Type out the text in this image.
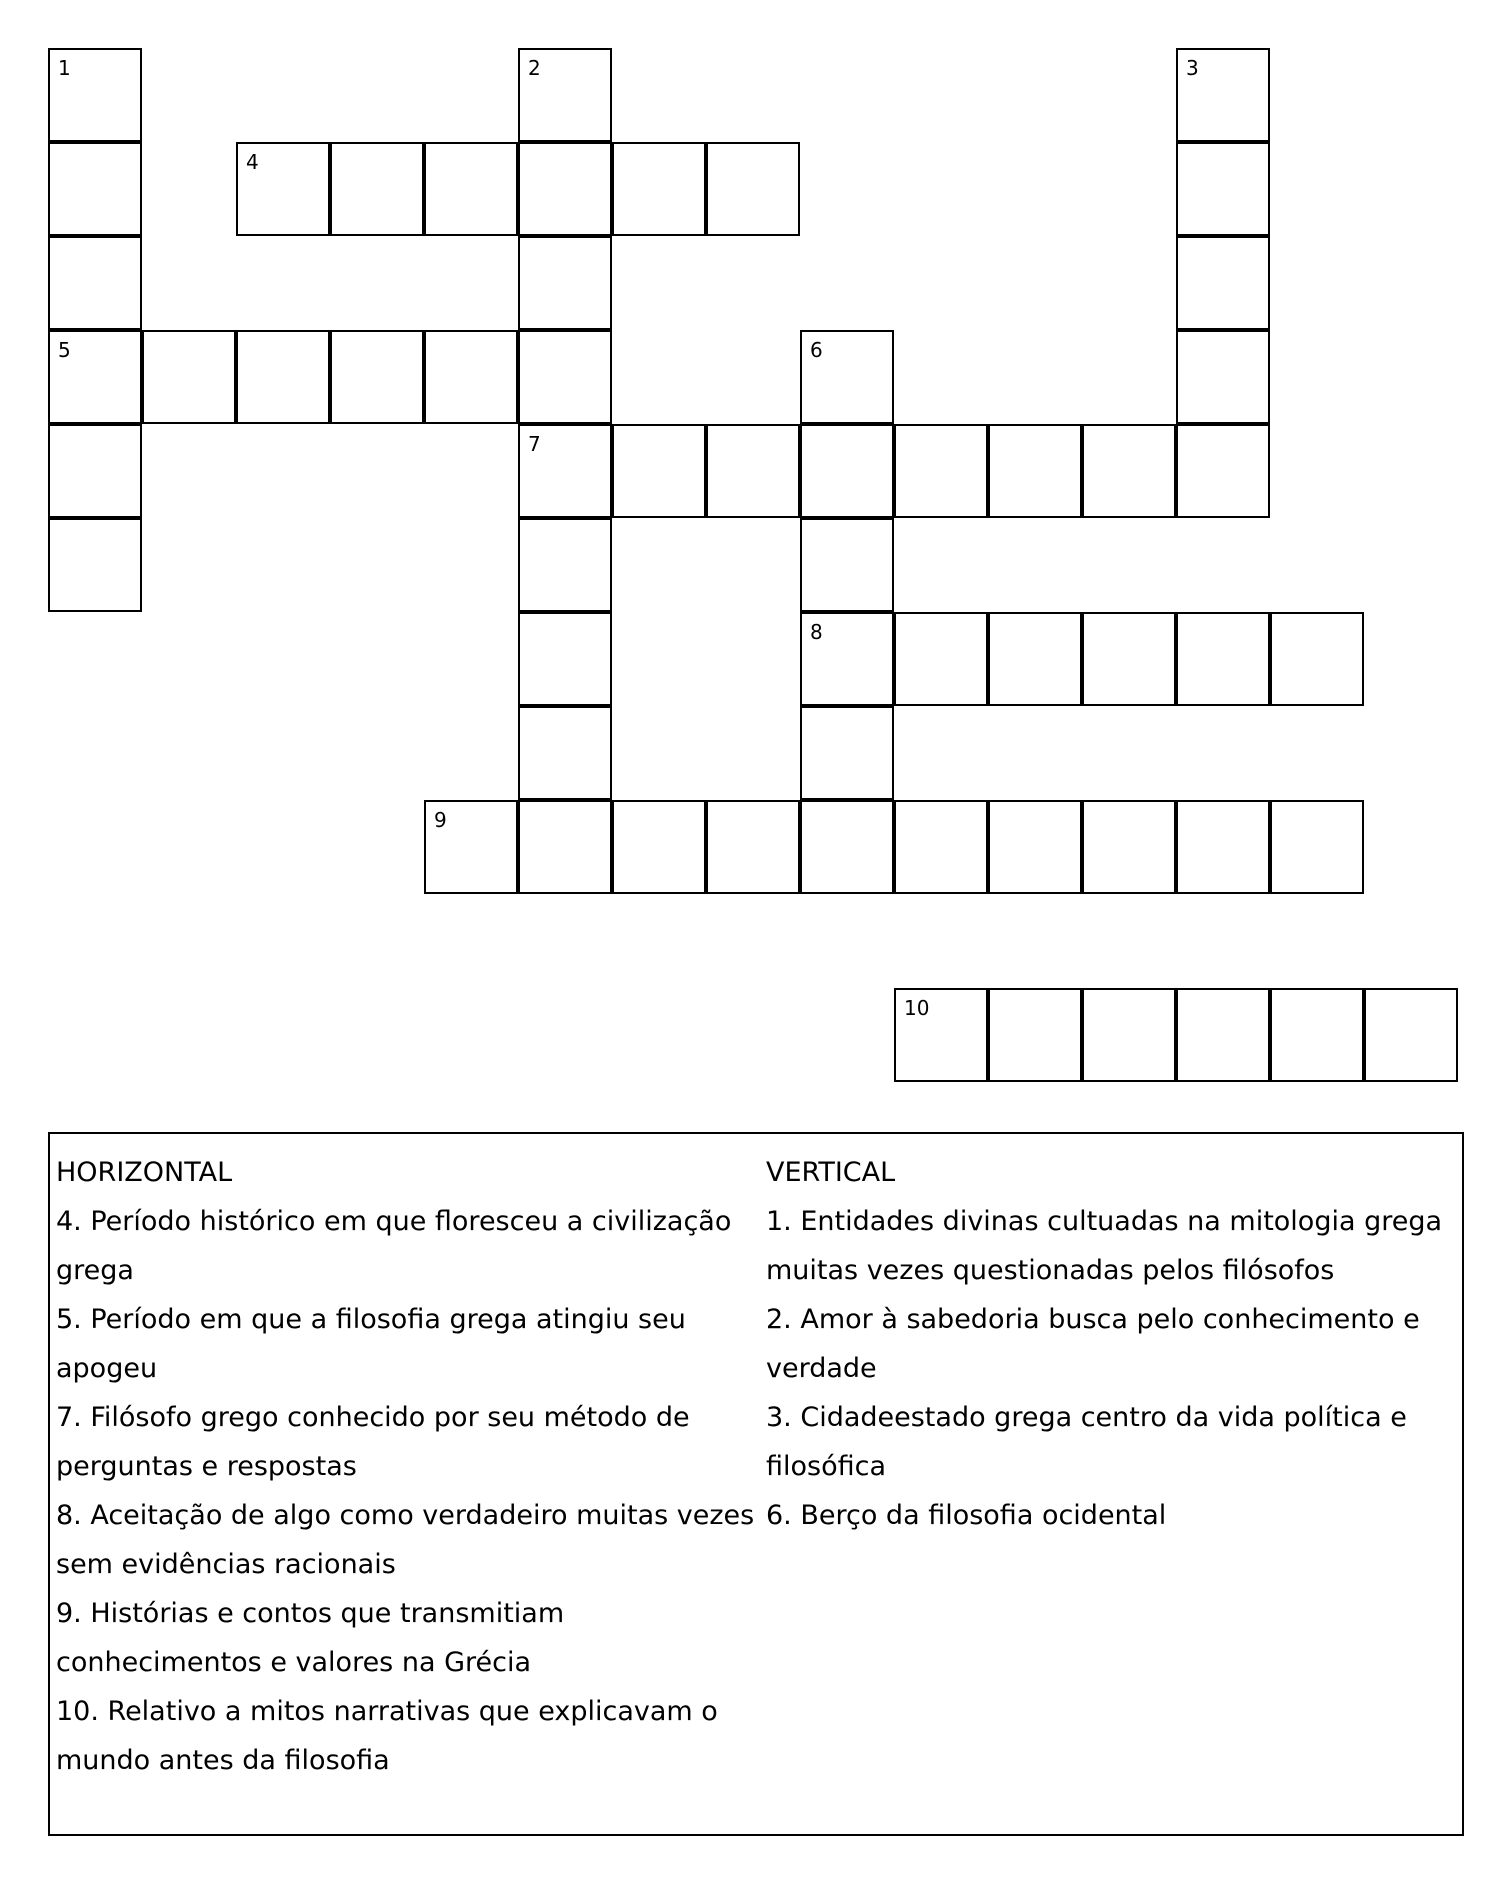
1
5
2
7
3
4
6
8
9
10
HORIZONTAL
4. Período histórico em que floresceu a civilização
grega
5. Período em que a filosofia grega atingiu seu
apogeu
7. Filósofo grego conhecido por seu método de
perguntas e respostas
8. Aceitação de algo como verdadeiro muitas vezes
sem evidências racionais
9. Histórias e contos que transmitiam
conhecimentos e valores na Grécia
10. Relativo a mitos narrativas que explicavam o
mundo antes da filosofia
VERTICAL
1. Entidades divinas cultuadas na mitologia grega
muitas vezes questionadas pelos filósofos
2. Amor à sabedoria busca pelo conhecimento e
verdade
3. Cidadeestado grega centro da vida política e
filosófica
6. Berço da filosofia ocidental
